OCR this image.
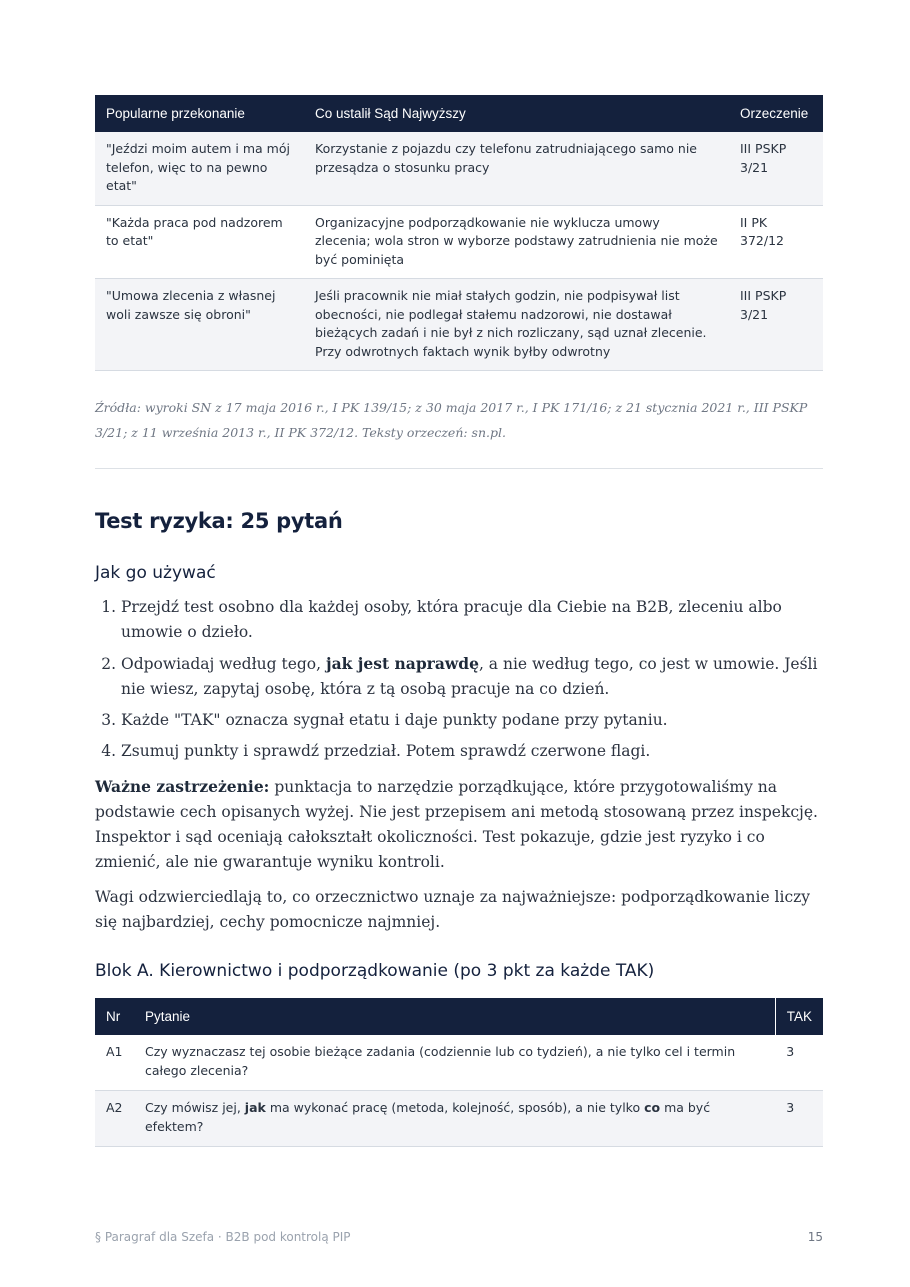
Popularne przekonanie	Co ustalił Sąd Najwyższy	Orzeczenie
"Jeździ moim autem i ma mój telefon, więc to na pewno etat"	Korzystanie z pojazdu czy telefonu zatrudniającego samo nie przesądza o stosunku pracy	III PSKP 3/21
"Każda praca pod nadzorem to etat"	Organizacyjne podporządkowanie nie wyklucza umowy zlecenia; wola stron w wyborze podstawy zatrudnienia nie może być pominięta	II PK 372/12
"Umowa zlecenia z własnej woli zawsze się obroni"	Jeśli pracownik nie miał stałych godzin, nie podpisywał list obecności, nie podlegał stałemu nadzorowi, nie dostawał bieżących zadań i nie był z nich rozliczany, sąd uznał zlecenie. Przy odwrotnych faktach wynik byłby odwrotny	III PSKP 3/21

Źródła: wyroki SN z 17 maja 2016 r., I PK 139/15; z 30 maja 2017 r., I PK 171/16; z 21 stycznia 2021 r., III PSKP 3/21; z 11 września 2013 r., II PK 372/12. Teksty orzeczeń: sn.pl.

Test ryzyka: 25 pytań
Jak go używać
1. Przejdź test osobno dla każdej osoby, która pracuje dla Ciebie na B2B, zleceniu albo umowie o dzieło.
2. Odpowiadaj według tego, jak jest naprawdę, a nie według tego, co jest w umowie. Jeśli nie wiesz, zapytaj osobę, która z tą osobą pracuje na co dzień.
3. Każde "TAK" oznacza sygnał etatu i daje punkty podane przy pytaniu.
4. Zsumuj punkty i sprawdź przedział. Potem sprawdź czerwone flagi.

Ważne zastrzeżenie: punktacja to narzędzie porządkujące, które przygotowaliśmy na podstawie cech opisanych wyżej. Nie jest przepisem ani metodą stosowaną przez inspekcję. Inspektor i sąd oceniają całokształt okoliczności. Test pokazuje, gdzie jest ryzyko i co zmienić, ale nie gwarantuje wyniku kontroli.

Wagi odzwierciedlają to, co orzecznictwo uznaje za najważniejsze: podporządkowanie liczy się najbardziej, cechy pomocnicze najmniej.

Blok A. Kierownictwo i podporządkowanie (po 3 pkt za każde TAK)
Nr	Pytanie	TAK
A1	Czy wyznaczasz tej osobie bieżące zadania (codziennie lub co tydzień), a nie tylko cel i termin całego zlecenia?	3
A2	Czy mówisz jej, jak ma wykonać pracę (metoda, kolejność, sposób), a nie tylko co ma być efektem?	3
§ Paragraf dla Szefa · B2B pod kontrolą PIP	15
